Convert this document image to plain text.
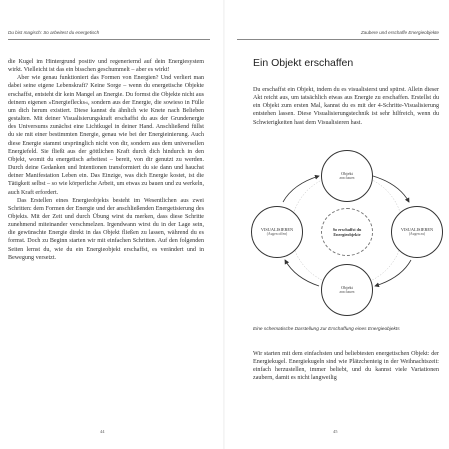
Du bist magisch: So arbeitest du energetisch

die Kugel im Hintergrund positiv und regeneriernd auf dein Energiesystem wirkt. Vielleicht ist das ein bisschen geschummelt – aber es wirkt!

Aber wie genau funktioniert das Formen von Energien? Und verliert man dabei seine eigene Lebenskraft? Keine Sorge – wenn du energetische Objekte erschaffst, entsteht dir kein Mangel an Energie. Du formst die Objekte nicht aus deinem eigenen »Energieflecks«, sondern aus der Energie, die sowieso in Fülle um dich herum existiert. Diese kannst du ähnlich wie Knete nach Belieben gestalten. Mit deiner Visualisierungskraft erschaffst du aus der Grundenergie des Universums zunächst eine Lichtkugel in deiner Hand. Anschließend füllst du sie mit einer bestimmten Energie, genau wie bei der Energieinierung. Auch diese Energie stammt ursprünglich nicht von dir, sondern aus dem universellen Energiefeld. Sie fließt aus der göttlichen Kraft durch dich hindurch in den Objekt, womit du energetisch arbeitest – bereit, von dir genutzt zu werden. Durch deine Gedanken und Intentionen transformiert du sie dann und hauchst deiner Manifestation Leben ein. Das Einzige, was dich Energie kostet, ist die Tätigkeit selbst – so wie körperliche Arbeit, um etwas zu bauen und zu werkeln, auch Kraft erfordert.

Das Erstellen eines Energieobjekts besteht im Wesentlichen aus zwei Schritten: dem Formen der Energie und der anschließenden Energetisierung des Objekts. Mit der Zeit und durch Übung wirst du merken, dass diese Schritte zunehmend miteinander verschmelzen. Irgendwann wirst du in der Lage sein, die gewünschte Energie direkt in das Objekt fließen zu lassen, während du es formst. Doch zu Beginn starten wir mit einfachen Schritten. Auf den folgenden Seiten lernst du, wie du ein Energieobjekt erschaffst, es verändert und in Bewegung versetzt.

44
Zaubere und erschaffe Energieobjekte
Ein Objekt erschaffen

Du erschaffst ein Objekt, indem du es visualisierst und spürst. Allein dieser Akt reicht aus, um tatsächlich etwas aus Energie zu erschaffen. Erstellst du ein Objekt zum ersten Mal, kannst du es mit der 4-Schritte-Visualisierung entstehen lassen. Diese Visualisierungstechnik ist sehr hilfreich, wenn du Schwierigkeiten hast dem Visualisieren hast.

Objekt
anschauen
VISUALISIEREN
(Augen zu)
Objekt
anschauen
VISUALISIEREN
(Augen offen)
So erschaffst du
Energieobjekte
Eine schematische Darstellung zur Erschaffung eines Energieobjekts

Wir starten mit dem einfachsten und beliebtesten energetischen Objekt: der Energiekugel. Energiekugeln sind wie Plätzchenteig in der Weihnachtszeit: einfach herzustellen, immer beliebt, und du kannst viele Variationen zaubern, damit es nicht langweilig

45
